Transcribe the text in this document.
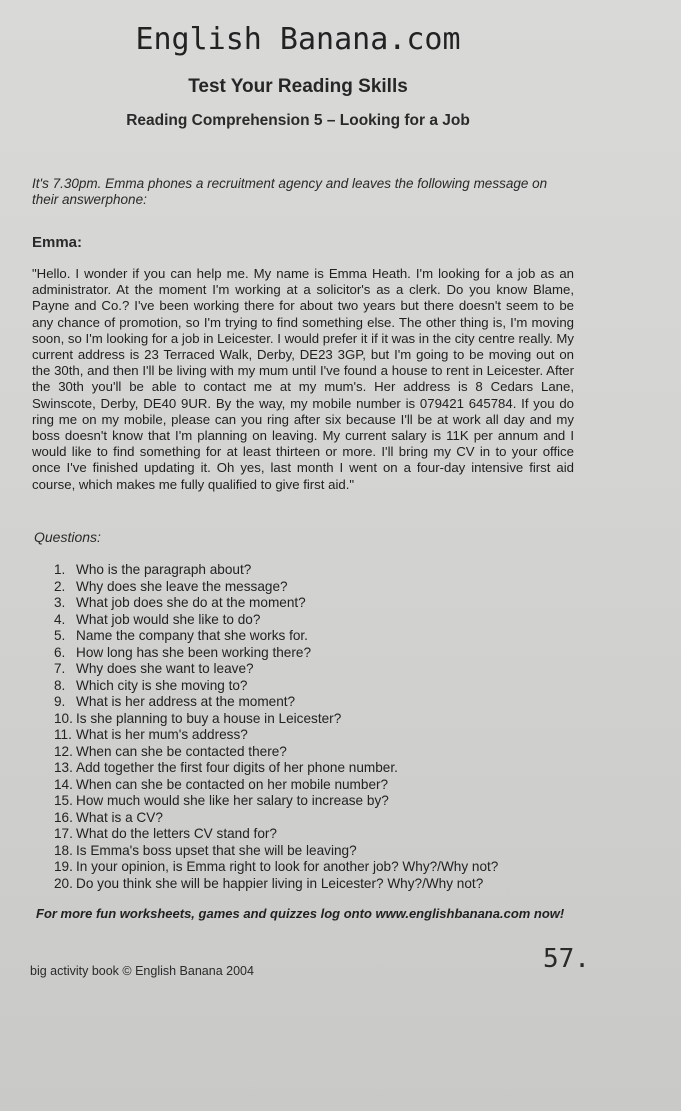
English Banana.com
Test Your Reading Skills
Reading Comprehension 5 – Looking for a Job
It's 7.30pm. Emma phones a recruitment agency and leaves the following message on their answerphone:
Emma:
"Hello. I wonder if you can help me. My name is Emma Heath. I'm looking for a job as an administrator. At the moment I'm working at a solicitor's as a clerk. Do you know Blame, Payne and Co.? I've been working there for about two years but there doesn't seem to be any chance of promotion, so I'm trying to find something else. The other thing is, I'm moving soon, so I'm looking for a job in Leicester. I would prefer it if it was in the city centre really. My current address is 23 Terraced Walk, Derby, DE23 3GP, but I'm going to be moving out on the 30th, and then I'll be living with my mum until I've found a house to rent in Leicester. After the 30th you'll be able to contact me at my mum's. Her address is 8 Cedars Lane, Swinscote, Derby, DE40 9UR. By the way, my mobile number is 079421 645784. If you do ring me on my mobile, please can you ring after six because I'll be at work all day and my boss doesn't know that I'm planning on leaving. My current salary is 11K per annum and I would like to find something for at least thirteen or more. I'll bring my CV in to your office once I've finished updating it. Oh yes, last month I went on a four-day intensive first aid course, which makes me fully qualified to give first aid."
Questions:
1. Who is the paragraph about?
2. Why does she leave the message?
3. What job does she do at the moment?
4. What job would she like to do?
5. Name the company that she works for.
6. How long has she been working there?
7. Why does she want to leave?
8. Which city is she moving to?
9. What is her address at the moment?
10. Is she planning to buy a house in Leicester?
11. What is her mum's address?
12. When can she be contacted there?
13. Add together the first four digits of her phone number.
14. When can she be contacted on her mobile number?
15. How much would she like her salary to increase by?
16. What is a CV?
17. What do the letters CV stand for?
18. Is Emma's boss upset that she will be leaving?
19. In your opinion, is Emma right to look for another job? Why?/Why not?
20. Do you think she will be happier living in Leicester? Why?/Why not?
For more fun worksheets, games and quizzes log onto www.englishbanana.com now!
big activity book © English Banana 2004	57.
